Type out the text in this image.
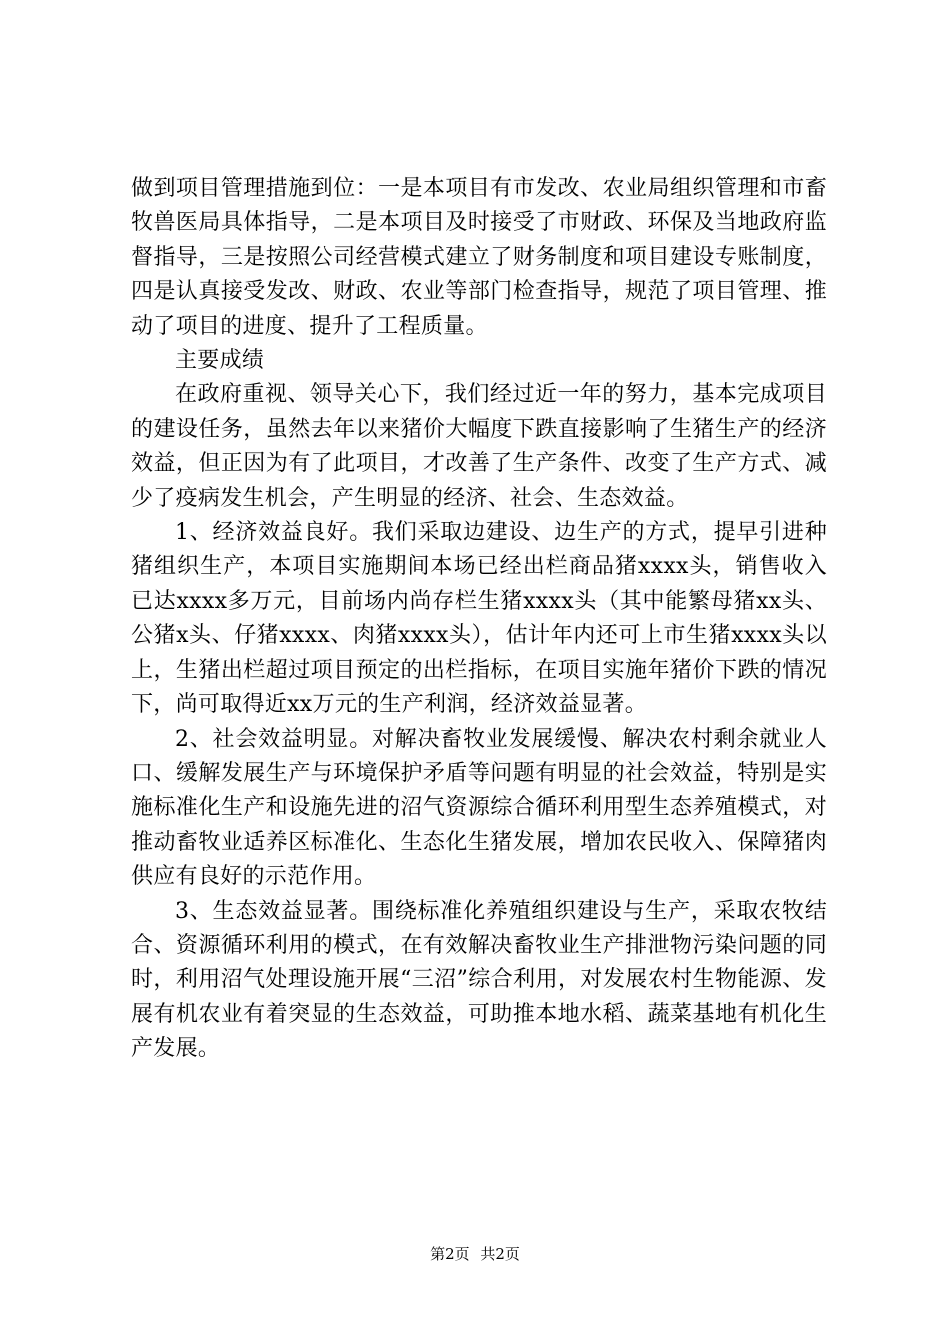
做到项目管理措施到位：一是本项目有市发改、农业局组织管理和市畜牧兽医局具体指导，二是本项目及时接受了市财政、环保及当地政府监督指导，三是按照公司经营模式建立了财务制度和项目建设专账制度，四是认真接受发改、财政、农业等部门检查指导，规范了项目管理、推动了项目的进度、提升了工程质量。

主要成绩

在政府重视、领导关心下，我们经过近一年的努力，基本完成项目的建设任务，虽然去年以来猪价大幅度下跌直接影响了生猪生产的经济效益，但正因为有了此项目，才改善了生产条件、改变了生产方式、减少了疫病发生机会，产生明显的经济、社会、生态效益。

1、经济效益良好。我们采取边建设、边生产的方式，提早引进种猪组织生产，本项目实施期间本场已经出栏商品猪xxxx头，销售收入已达xxxx多万元，目前场内尚存栏生猪xxxx头（其中能繁母猪xx头、公猪x头、仔猪xxxx、肉猪xxxx头），估计年内还可上市生猪xxxx头以上，生猪出栏超过项目预定的出栏指标，在项目实施年猪价下跌的情况下，尚可取得近xx万元的生产利润，经济效益显著。

2、社会效益明显。对解决畜牧业发展缓慢、解决农村剩余就业人口、缓解发展生产与环境保护矛盾等问题有明显的社会效益，特别是实施标准化生产和设施先进的沼气资源综合循环利用型生态养殖模式，对推动畜牧业适养区标准化、生态化生猪发展，增加农民收入、保障猪肉供应有良好的示范作用。

3、生态效益显著。围绕标准化养殖组织建设与生产，采取农牧结合、资源循环利用的模式，在有效解决畜牧业生产排泄物污染问题的同时，利用沼气处理设施开展“三沼”综合利用，对发展农村生物能源、发展有机农业有着突显的生态效益，可助推本地水稻、蔬菜基地有机化生产发展。

第2页 共2页
